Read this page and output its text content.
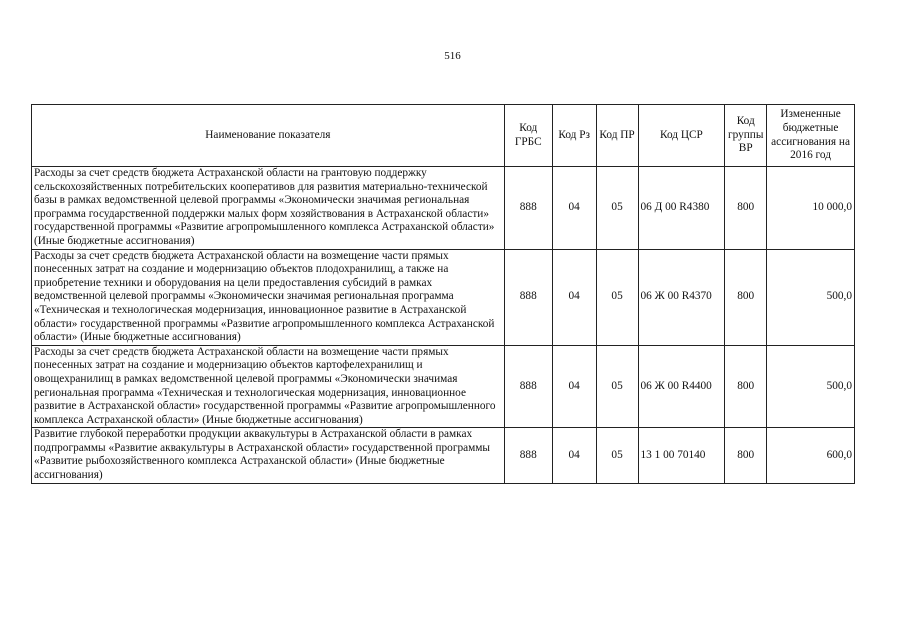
516
Наименование показателя	Код ГРБС	Код Рз	Код ПР	Код ЦСР	Код группы ВР	Измененные бюджетные ассигнования на 2016 год
Расходы за счет средств бюджета Астраханской области на грантовую поддержку сельскохозяйственных потребительских кооперативов для развития материально-технической базы в рамках ведомственной целевой программы «Экономически значимая региональная программа государственной поддержки малых форм хозяйствования в Астраханской области» государственной программы «Развитие агропромышленного комплекса Астраханской области» (Иные бюджетные ассигнования)	888	04	05	06 Д 00 R4380	800	10 000,0
Расходы за счет средств бюджета Астраханской области на возмещение части прямых понесенных затрат на создание и модернизацию объектов плодохранилищ, а также на приобретение техники и оборудования на цели предоставления субсидий в рамках ведомственной целевой программы «Экономически значимая региональная программа «Техническая и технологическая модернизация, инновационное развитие в Астраханской области» государственной программы «Развитие агропромышленного комплекса Астраханской области» (Иные бюджетные ассигнования)	888	04	05	06 Ж 00 R4370	800	500,0
Расходы за счет средств бюджета Астраханской области на возмещение части прямых понесенных затрат на создание и модернизацию объектов картофелехранилищ и овощехранилищ в рамках ведомственной целевой программы «Экономически значимая региональная программа «Техническая и технологическая модернизация, инновационное развитие в Астраханской области» государственной программы «Развитие агропромышленного комплекса Астраханской области» (Иные бюджетные ассигнования)	888	04	05	06 Ж 00 R4400	800	500,0
Развитие глубокой переработки продукции аквакультуры в Астраханской области в рамках подпрограммы «Развитие аквакультуры в Астраханской области» государственной программы «Развитие рыбохозяйственного комплекса Астраханской области» (Иные бюджетные ассигнования)	888	04	05	13 1 00 70140	800	600,0
